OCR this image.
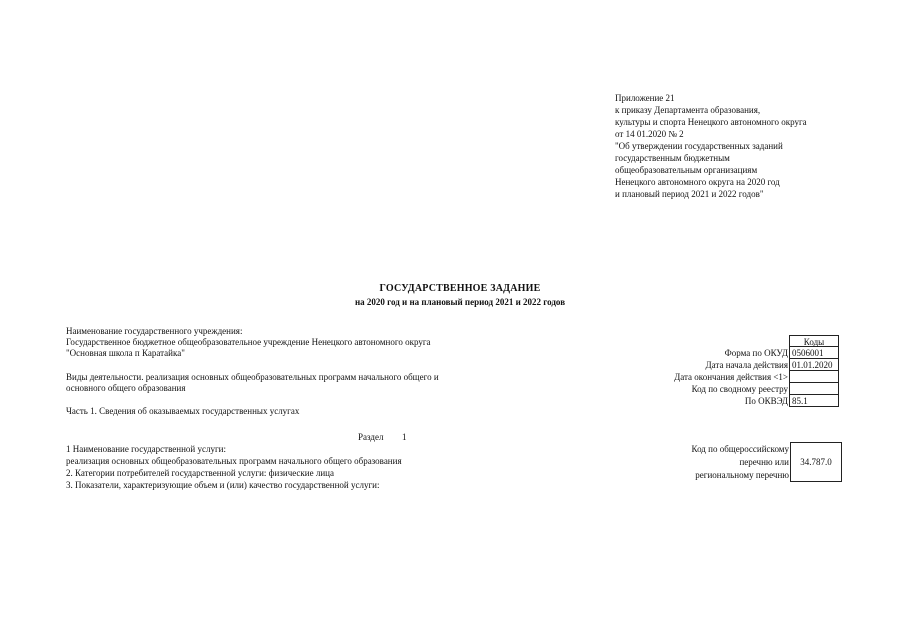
Приложение 21
к приказу Департамента образования,
культуры и спорта Ненецкого автономного округа
от 14 01.2020 № 2
"Об утверждении государственных заданий
государственным бюджетным
общеобразовательным организациям
Ненецкого автономного округа на 2020 год
и плановый период 2021 и 2022 годов"
ГОСУДАРСТВЕННОЕ ЗАДАНИЕ
на 2020 год и на плановый период 2021 и 2022 годов
Наименование государственного учреждения:
Государственное бюджетное общеобразовательное учреждение Ненецкого автономного округа
"Основная школа п Каратайка"
Виды деятельности. реализация основных общеобразовательных программ начального общего и
основного общего образования
Часть 1. Сведения об оказываемых государственных услугах
Раздел 1
1 Наименование государственной услуги:
реализация основных общеобразовательных программ начального общего образования
2. Категории потребителей государственной услуги: физические лица
3. Показатели, характеризующие объем и (или) качество государственной услуги:
Коды
Форма по ОКУД 0506001
Дата начала действия 01.01.2020
Дата окончания действия <1>
Код по сводному реестру
По ОКВЭД 85.1
Код по общероссийскому
перечню или
региональному перечню
34.787.0
